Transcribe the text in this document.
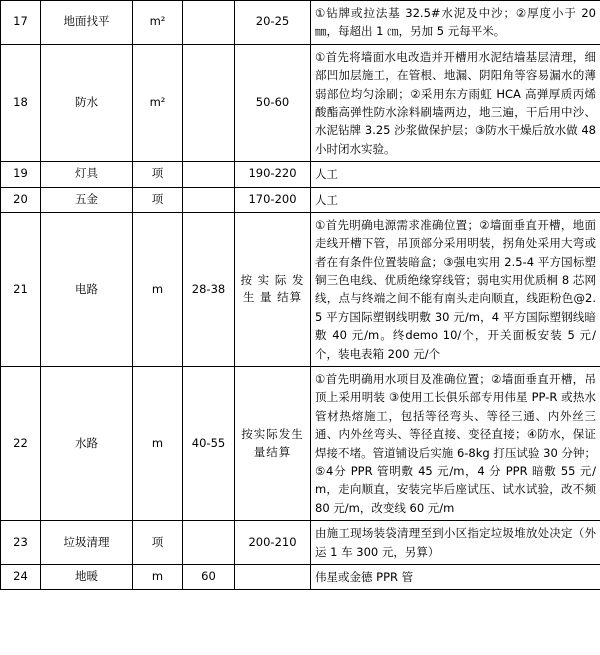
17	地面找平	m²		20-25	①钻牌或拉法基 32.5#水泥及中沙；②厚度小于 20 ㎜，每超出 1 ㎝，另加 5 元每平米。
18	防水	m²		50-60	①首先将墙面水电改造并开槽用水泥结墙基层清理，细部凹加层施工，在管根、地漏、阴阳角等容易漏水的薄弱部位均匀涂刷；②采用东方雨虹 HCA 高弹厚质丙烯酸酯高弹性防水涂料刷墙两边，地三遍，干后用中沙、水泥钻牌 3.25 沙浆做保护层；③防水干燥后放水做 48 小时闭水实验。
19	灯具	项		190-220	人工
20	五金	项		170-200	人工
21	电路	m	28-38	按 实 际 发 生 量 结算	①首先明确电源需求准确位置；②墙面垂直开槽，地面走线开槽下管，吊顶部分采用明装，拐角处采用大弯或者在有条件位置装暗盒；③强电实用 2.5-4 平方国标塑铜三色电线、优质绝缘穿线管；弱电实用优质桐 8 芯网线，点与终端之间不能有南头走向顺直，线距粉色@2.5 平方国际塑钢线明敷 30 元/m，4 平方国际塑钢线暗敷 40 元/m。终demo 10/个，开关面板安装 5 元/个，装电表箱 200 元/个
22	水路	m	40-55	按实际发生量结算	①首先明确用水项目及准确位置；②墙面垂直开槽，吊顶上采用明装 ③使用工长俱乐部专用伟星 PP-R 或热水管材热熔施工，包括等径弯头、等径三通、内外丝三通、内外丝弯头、等径直接、变径直接；④防水，保证焊接不堵。管道铺设后实施 6-8kg 打压试验 30 分钟；⑤4分 PPR 管明敷 45 元/m，4 分 PPR 暗敷 55 元/m，走向顺直，安装完毕后座试压、试水试验，改不频 80 元/m，改变线 60 元/m
23	垃圾清理	项		200-210	由施工现场装袋清理至到小区指定垃圾堆放处决定（外运 1 车 300 元，另算）
24	地暖	m	60		伟星或金德 PPR 管
